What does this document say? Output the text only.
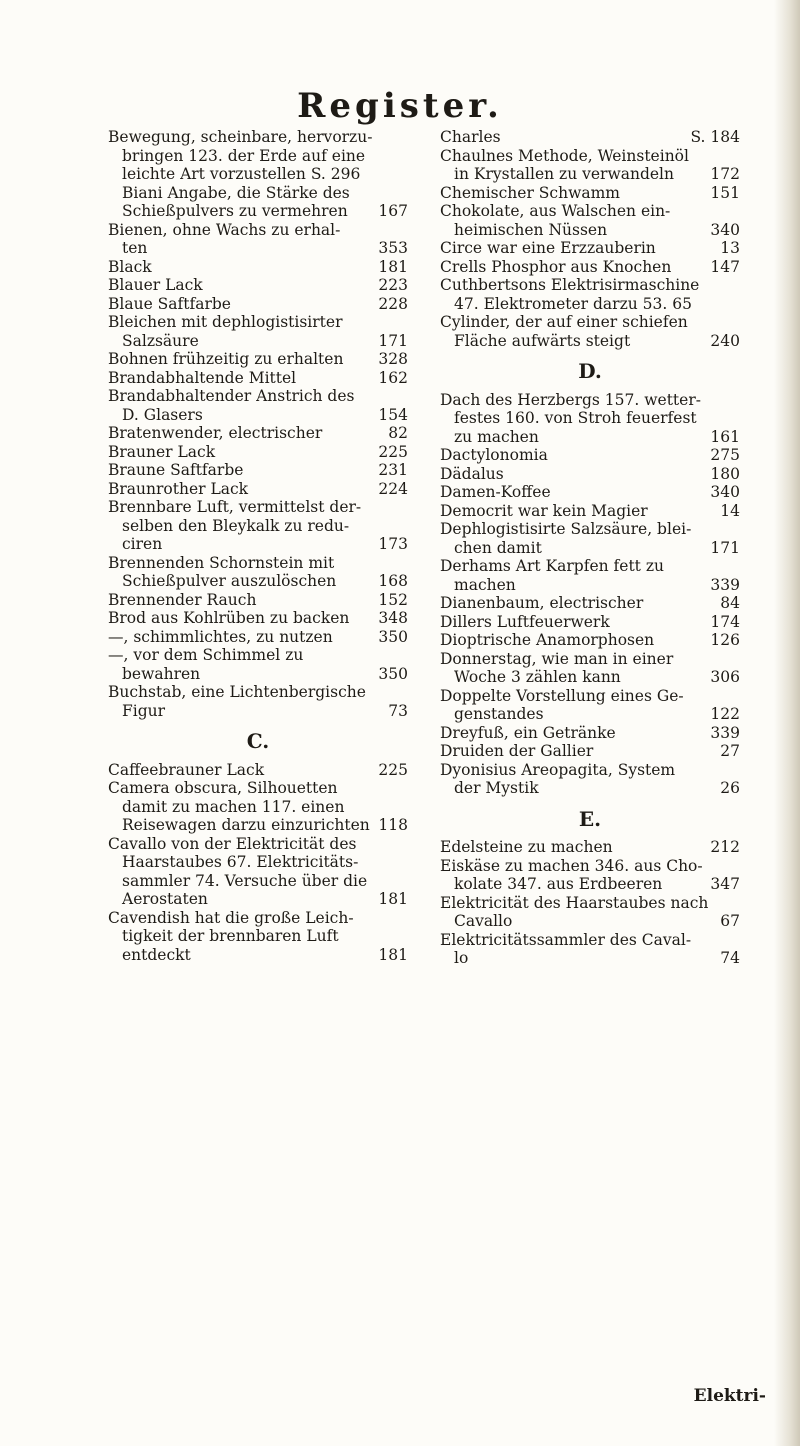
Register.
Bewegung, scheinbare, hervorzu-
bringen 123. der Erde auf eine
leichte Art vorzustellen S. 296
Biani Angabe, die Stärke des
Schießpulvers zu vermehren	167
Bienen, ohne Wachs zu erhal-
ten	353
Black	181
Blauer Lack	223
Blaue Saftfarbe	228
Bleichen mit dephlogistisirter
Salzsäure	171
Bohnen frühzeitig zu erhalten	328
Brandabhaltende Mittel	162
Brandabhaltender Anstrich des
D. Glasers	154
Bratenwender, electrischer	82
Brauner Lack	225
Braune Saftfarbe	231
Braunrother Lack	224
Brennbare Luft, vermittelst der-
selben den Bleykalk zu redu-
ciren	173
Brennenden Schornstein mit
Schießpulver auszulöschen	168
Brennender Rauch	152
Brod aus Kohlrüben zu backen	348
—, schimmlichtes, zu nutzen	350
—, vor dem Schimmel zu
bewahren	350
Buchstab, eine Lichtenbergische
Figur	73
C.
Caffeebrauner Lack	225
Camera obscura, Silhouetten
damit zu machen 117. einen
Reisewagen darzu einzurichten 118
Cavallo von der Elektricität des
Haarstaubes 67. Elektricitäts-
sammler 74. Versuche über die
Aerostaten	181
Cavendish hat die große Leich-
tigkeit der brennbaren Luft
entdeckt	181
Charles	S. 184
Chaulnes Methode, Weinsteinöl
in Krystallen zu verwandeln	172
Chemischer Schwamm	151
Chokolate, aus Walschen ein-
heimischen Nüssen	340
Circe war eine Erzzauberin	13
Crells Phosphor aus Knochen	147
Cuthbertsons Elektrisirmaschine
47. Elektrometer darzu 53. 65
Cylinder, der auf einer schiefen
Fläche aufwärts steigt	240
D.
Dach des Herzbergs 157. wetter-
festes 160. von Stroh feuerfest
zu machen	161
Dactylonomia	275
Dädalus	180
Damen-Koffee	340
Democrit war kein Magier	14
Dephlogistisirte Salzsäure, blei-
chen damit	171
Derhams Art Karpfen fett zu
machen	339
Dianenbaum, electrischer	84
Dillers Luftfeuerwerk	174
Dioptrische Anamorphosen	126
Donnerstag, wie man in einer
Woche 3 zählen kann	306
Doppelte Vorstellung eines Ge-
genstandes	122
Dreyfuß, ein Getränke	339
Druiden der Gallier	27
Dyonisius Areopagita, System
der Mystik	26
E.
Edelsteine zu machen	212
Eiskäse zu machen 346. aus Cho-
kolate 347. aus Erdbeeren	347
Elektricität des Haarstaubes nach
Cavallo	67
Elektricitätssammler des Caval-
lo	74
Elektri-
